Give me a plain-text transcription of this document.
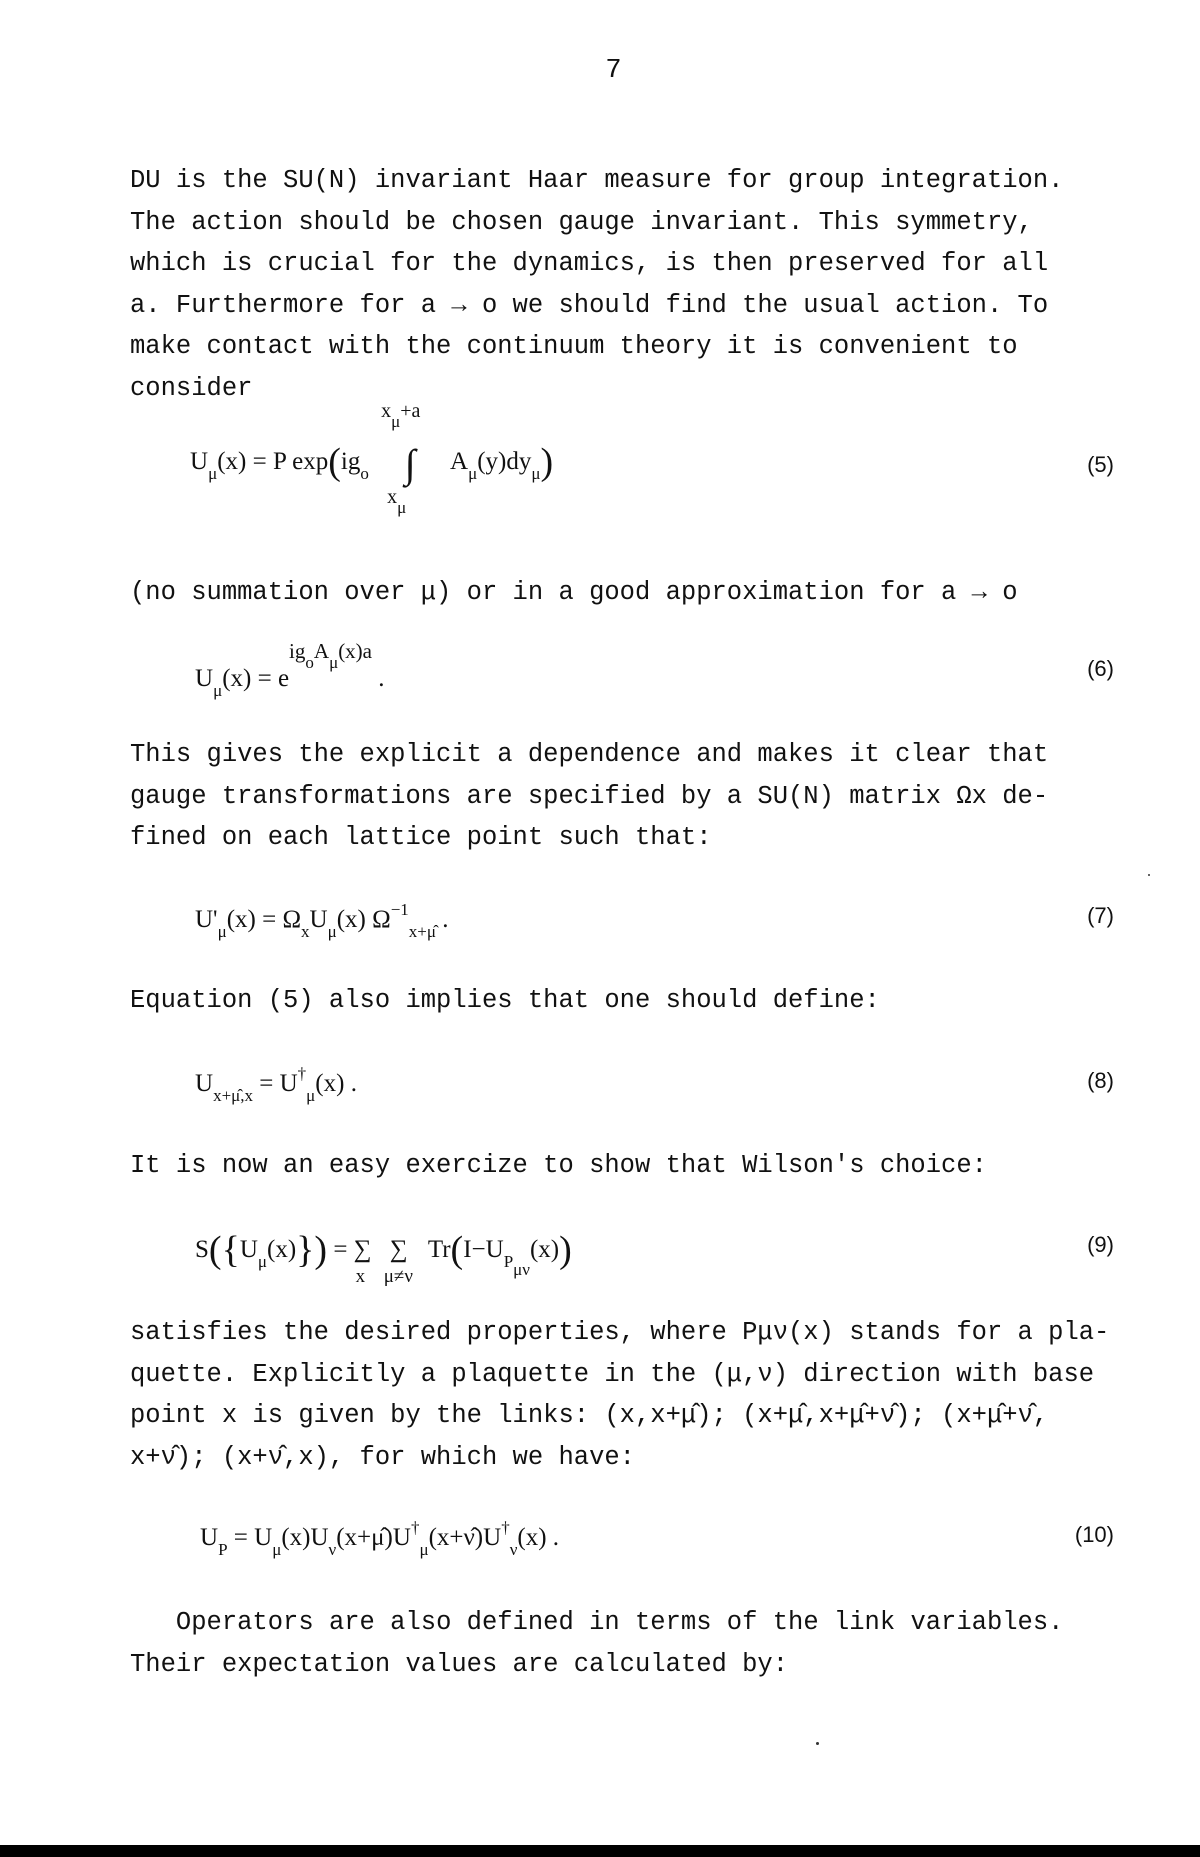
7

DU is the SU(N) invariant Haar measure for group integration.
The action should be chosen gauge invariant. This symmetry,
which is crucial for the dynamics, is then preserved for all
a. Furthermore for a → o we should find the usual action. To
make contact with the continuum theory it is convenient to
consider

$U_\mu(x) = P$ $\exp(ig_o$
$x_\mu+a$
∫
$x_\mu$
$A_\mu(y)dy_\mu$)	(5)

(no summation over μ) or in a good approximation for a → o

$U_\mu(x) = e^{ig_oA_\mu(x)a}$ .	(6)

This gives the explicit a dependence and makes it clear that
gauge transformations are specified by a SU(N) matrix Ωx de-
fined on each lattice point such that:

$U'_\mu(x) = \Omega_xU_\mu(x)$ $\Omega^{-1}_{x+\mû}$ .	(7)

Equation (5) also implies that one should define:

$U_{x+\mû,x} = U^\dagger_\mu(x)$ .	(8)

It is now an easy exercize to show that Wilson's choice:

$S(\{U_\mu(x)\})$ = ∑
x
∑
μ≠ν
$Tr(I-U_{P\mu\nu}(x))$	(9)

satisfies the desired properties, where Pμν(x) stands for a pla-
quette. Explicitly a plaquette in the (μ,ν) direction with base
point x is given by the links: (x,x+μ̂); (x+μ̂,x+μ̂+ν̂); (x+μ̂+ν̂,
x+ν̂); (x+ν̂,x), for which we have:

$U_P$ = $U_\mu(x)U_\nu(x+\mû)U^\dagger_\mu(x+\nû)U^\dagger_\nu(x)$ .	(10)

Operators are also defined in terms of the link variables.
Their expectation values are calculated by:
